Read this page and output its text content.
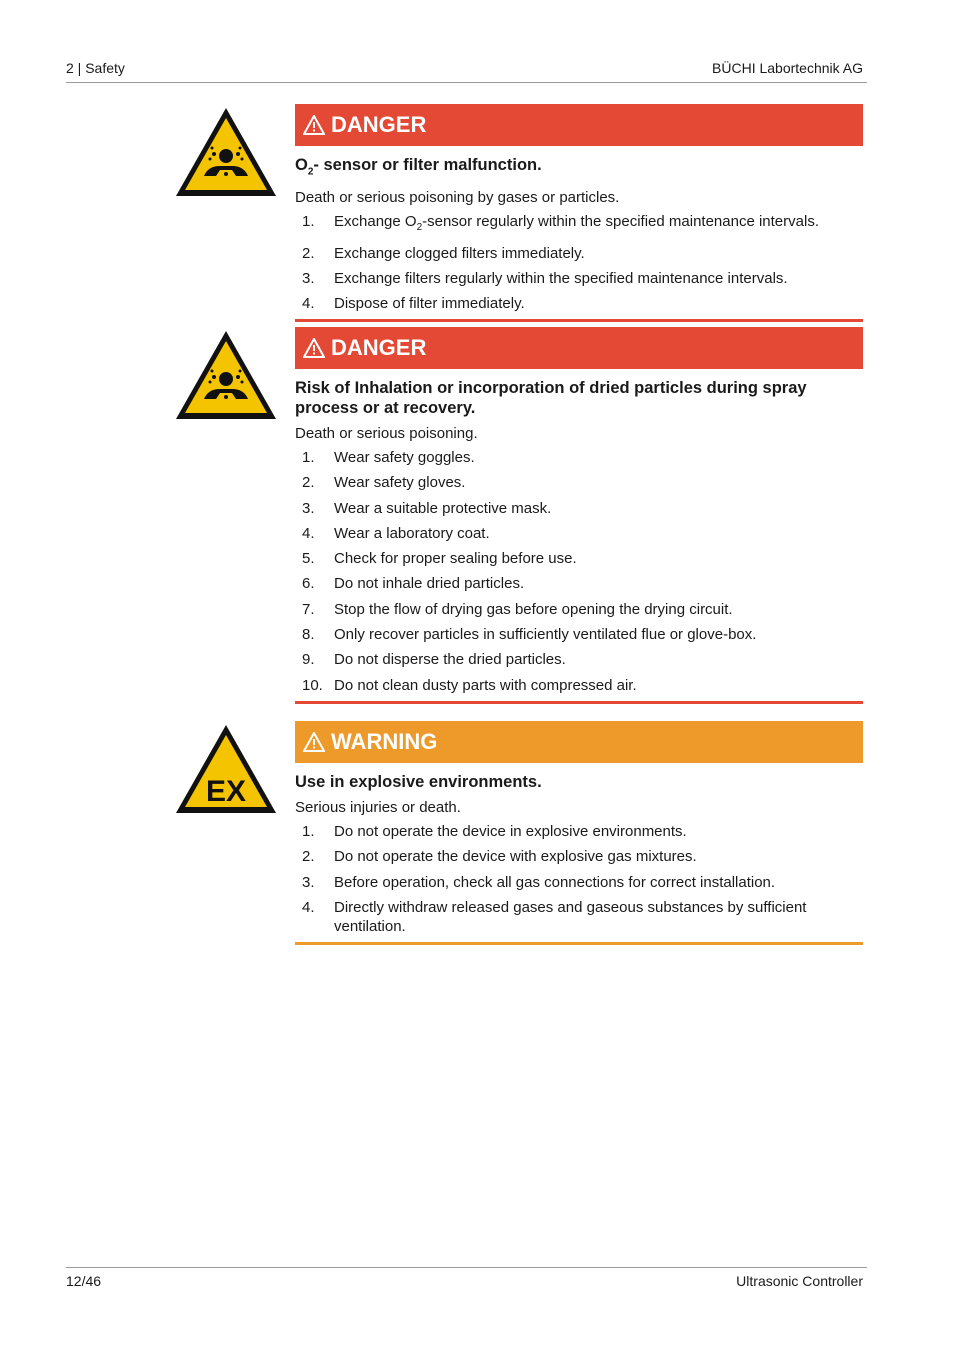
2 | Safety	BÜCHI Labortechnik AG
DANGER
$O_2-$ sensor or filter malfunction.
Death or serious poisoning by gases or particles.
1.	Exchange $O_2$-sensor regularly within the specified maintenance intervals.
2.	Exchange clogged filters immediately.
3.	Exchange filters regularly within the specified maintenance intervals.
4.	Dispose of filter immediately.
DANGER
Risk of Inhalation or incorporation of dried particles during spray process or at recovery.
Death or serious poisoning.
1.	Wear safety goggles.
2.	Wear safety gloves.
3.	Wear a suitable protective mask.
4.	Wear a laboratory coat.
5.	Check for proper sealing before use.
6.	Do not inhale dried particles.
7.	Stop the flow of drying gas before opening the drying circuit.
8.	Only recover particles in sufficiently ventilated flue or glove-box.
9.	Do not disperse the dried particles.
10. Do not clean dusty parts with compressed air.
EX
WARNING
Use in explosive environments.
Serious injuries or death.
1.	Do not operate the device in explosive environments.
2.	Do not operate the device with explosive gas mixtures.
3.	Before operation, check all gas connections for correct installation.
4.	Directly withdraw released gases and gaseous substances by sufficient ventilation.
12/46	Ultrasonic Controller
